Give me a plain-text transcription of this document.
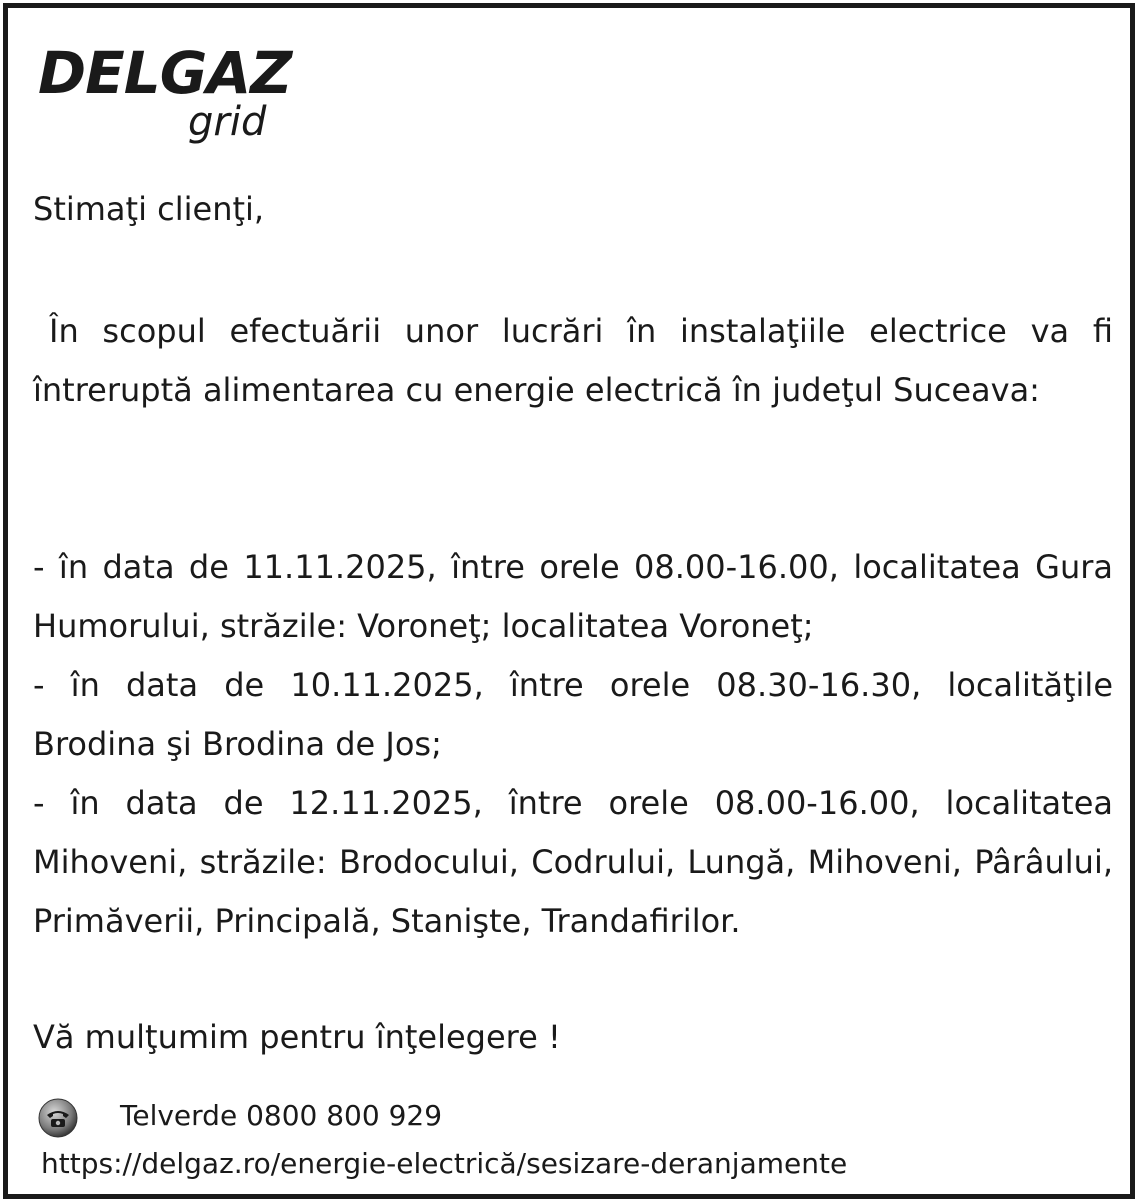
DELGAZ
grid
Stimaţi clienţi,
În scopul efectuării unor lucrări în instalaţiile electrice va fi întreruptă alimentarea cu energie electrică în judeţul Suceava:
- în data de 11.11.2025, între orele 08.00-16.00, localitatea Gura Humorului, străzile: Voroneţ; localitatea Voroneţ;
- în data de 10.11.2025, între orele 08.30-16.30, localităţile Brodina şi Brodina de Jos;
- în data de 12.11.2025, între orele 08.00-16.00, localitatea Mihoveni, străzile: Brodocului, Codrului, Lungă, Mihoveni, Pârâului, Primăverii, Principală, Stanişte, Trandafirilor.
Vă mulţumim pentru înţelegere !
Telverde 0800 800 929
https://delgaz.ro/energie-electrică/sesizare-deranjamente
